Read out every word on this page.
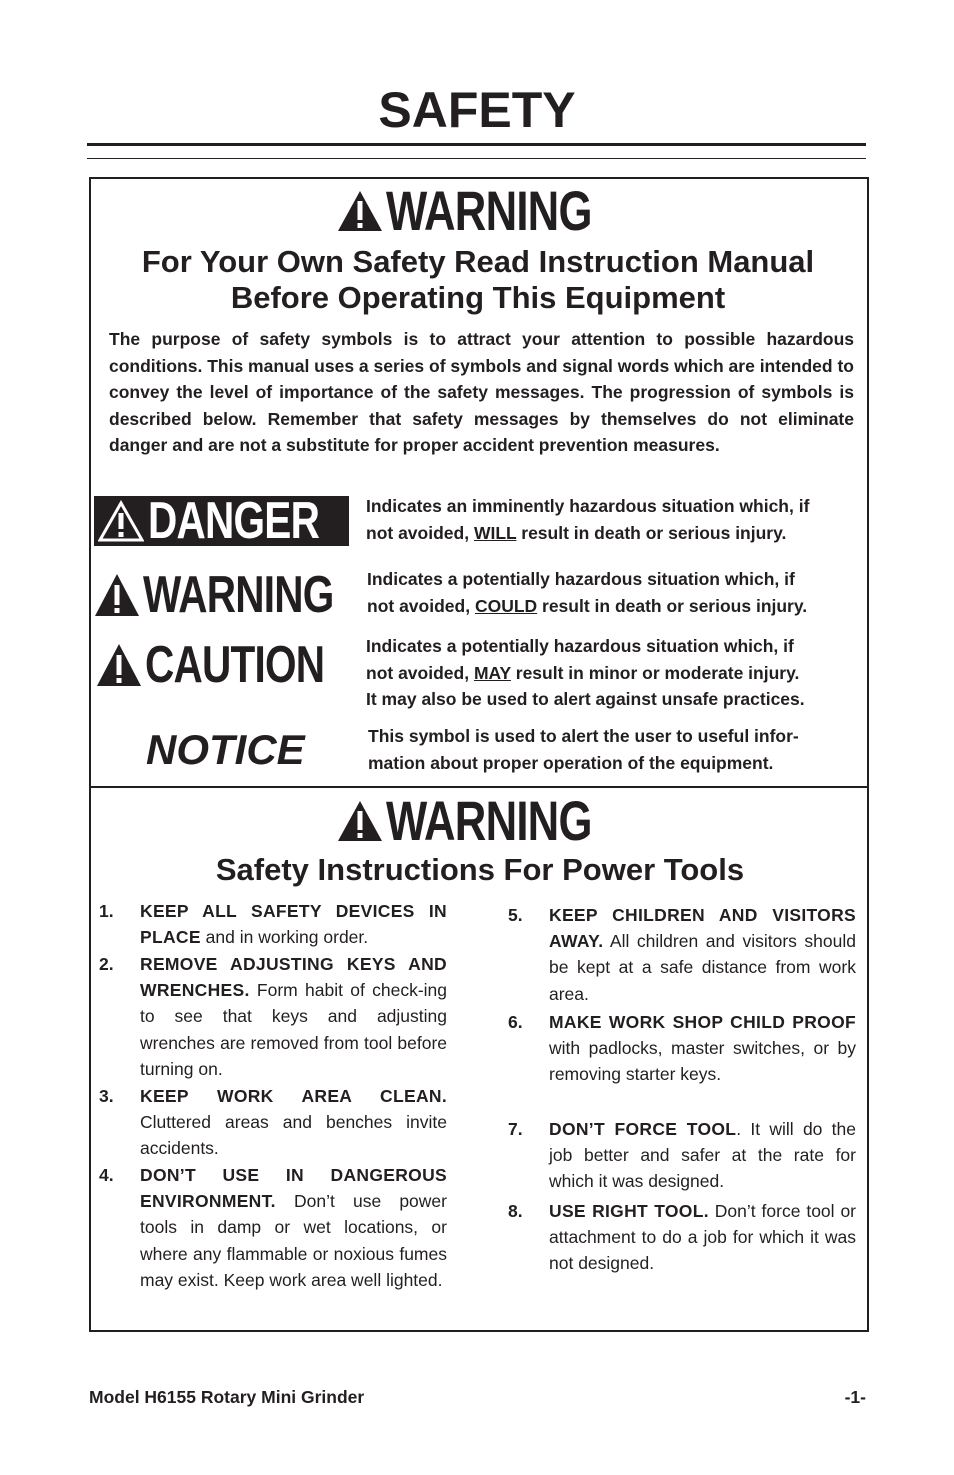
SAFETY
WARNING
For Your Own Safety Read Instruction Manual
Before Operating This Equipment
The purpose of safety symbols is to attract your attention to possible hazardous conditions. This manual uses a series of symbols and signal words which are intended to convey the level of importance of the safety messages. The progression of symbols is described below. Remember that safety messages by themselves do not eliminate danger and are not a substitute for proper accident prevention measures.
DANGER	Indicates an imminently hazardous situation which, if
not avoided, WILL result in death or serious injury.
WARNING Indicates a potentially hazardous situation which, if
not avoided, COULD result in death or serious injury.
CAUTION Indicates a potentially hazardous situation which, if
not avoided, MAY result in minor or moderate injury.
It may also be used to alert against unsafe practices.
NOTICE	This symbol is used to alert the user to useful infor-
mation about proper operation of the equipment.
WARNING
Safety Instructions For Power Tools
1. KEEP ALL SAFETY DEVICES IN PLACE and in working order.
2. REMOVE ADJUSTING KEYS AND WRENCHES. Form habit of check-ing to see that keys and adjusting wrenches are removed from tool before turning on.
3. KEEP WORK AREA CLEAN. Cluttered areas and benches invite accidents.
4. DON’T USE IN DANGEROUS ENVIRONMENT. Don’t use power tools in damp or wet locations, or where any flammable or noxious fumes may exist. Keep work area well lighted.
5. KEEP CHILDREN AND VISITORS AWAY. All children and visitors should be kept at a safe distance from work area.
6. MAKE WORK SHOP CHILD PROOF with padlocks, master switches, or by removing starter keys.
7. DON’T FORCE TOOL. It will do the job better and safer at the rate for which it was designed.
8. USE RIGHT TOOL. Don’t force tool or attachment to do a job for which it was not designed.
Model H6155 Rotary Mini Grinder	-1-
